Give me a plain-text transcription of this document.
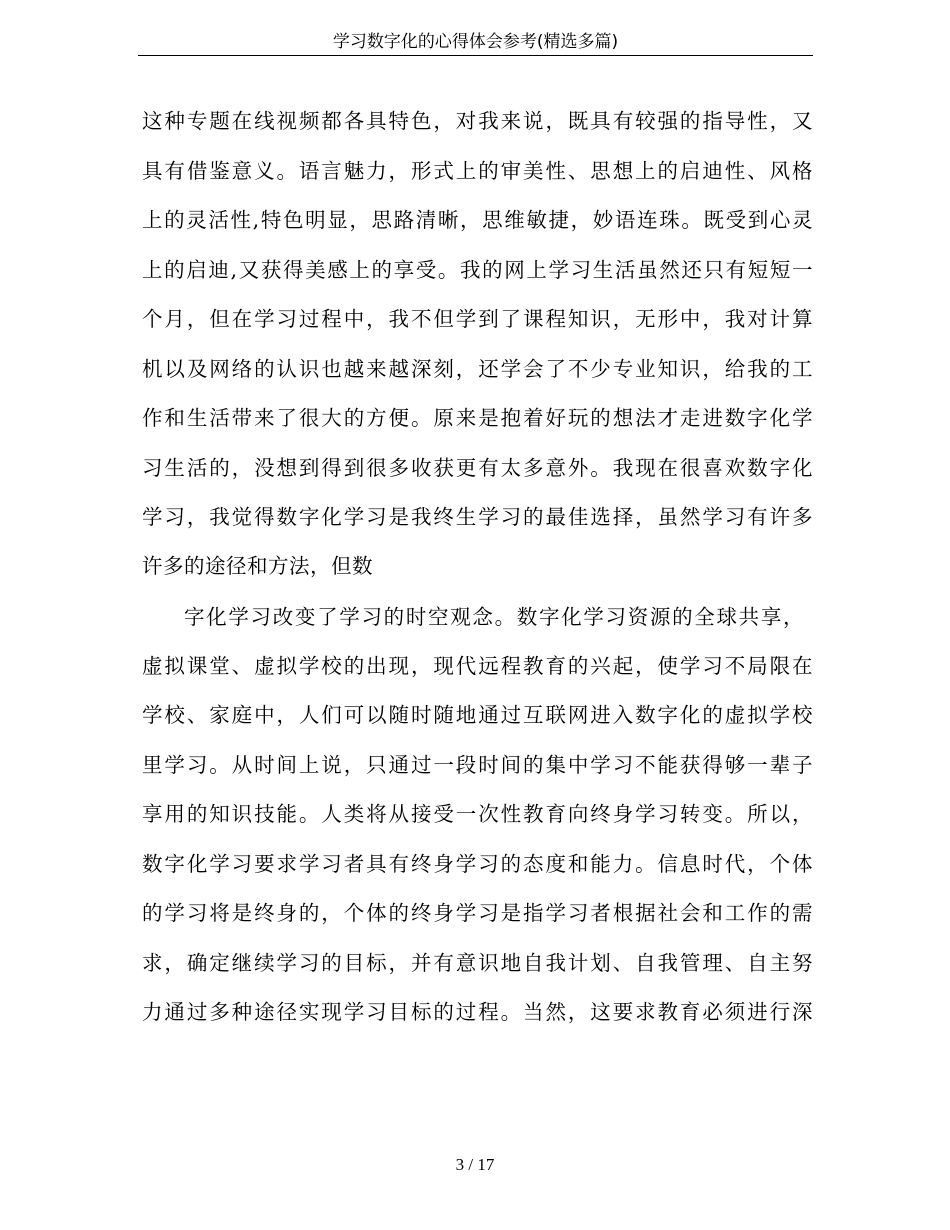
学习数字化的心得体会参考(精选多篇)
这种专题在线视频都各具特色，对我来说，既具有较强的指导性，又
具有借鉴意义。语言魅力，形式上的审美性、思想上的启迪性、风格
上的灵活性,特色明显，思路清晰，思维敏捷，妙语连珠。既受到心灵
上的启迪,又获得美感上的享受。我的网上学习生活虽然还只有短短一
个月，但在学习过程中，我不但学到了课程知识，无形中，我对计算
机以及网络的认识也越来越深刻，还学会了不少专业知识，给我的工
作和生活带来了很大的方便。原来是抱着好玩的想法才走进数字化学
习生活的，没想到得到很多收获更有太多意外。我现在很喜欢数字化
学习，我觉得数字化学习是我终生学习的最佳选择，虽然学习有许多
许多的途径和方法，但数
字化学习改变了学习的时空观念。数字化学习资源的全球共享，
虚拟课堂、虚拟学校的出现，现代远程教育的兴起，使学习不局限在
学校、家庭中，人们可以随时随地通过互联网进入数字化的虚拟学校
里学习。从时间上说，只通过一段时间的集中学习不能获得够一辈子
享用的知识技能。人类将从接受一次性教育向终身学习转变。所以，
数字化学习要求学习者具有终身学习的态度和能力。信息时代，个体
的学习将是终身的，个体的终身学习是指学习者根据社会和工作的需
求，确定继续学习的目标，并有意识地自我计划、自我管理、自主努
力通过多种途径实现学习目标的过程。当然，这要求教育必须进行深
3 / 17
